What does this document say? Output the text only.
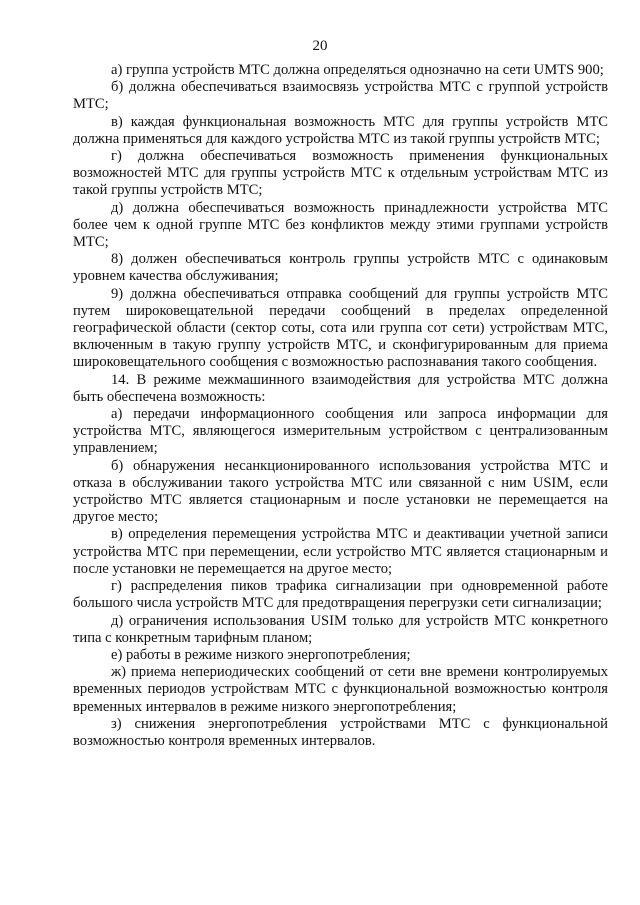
20

а) группа устройств МТС должна определяться однозначно на сети UMTS 900;

б) должна обеспечиваться взаимосвязь устройства МТС с группой устройств МТС;

в) каждая функциональная возможность МТС для группы устройств МТС должна применяться для каждого устройства МТС из такой группы устройств МТС;

г) должна обеспечиваться возможность применения функциональных возможностей МТС для группы устройств МТС к отдельным устройствам МТС из такой группы устройств МТС;

д) должна обеспечиваться возможность принадлежности устройства МТС более чем к одной группе МТС без конфликтов между этими группами устройств МТС;

8) должен обеспечиваться контроль группы устройств МТС с одинаковым уровнем качества обслуживания;

9) должна обеспечиваться отправка сообщений для группы устройств МТС путем широковещательной передачи сообщений в пределах определенной географической области (сектор соты, сота или группа сот сети) устройствам МТС, включенным в такую группу устройств МТС, и сконфигурированным для приема широковещательного сообщения с возможностью распознавания такого сообщения.

14. В режиме межмашинного взаимодействия для устройства МТС должна быть обеспечена возможность:

а) передачи информационного сообщения или запроса информации для устройства МТС, являющегося измерительным устройством с централизованным управлением;

б) обнаружения несанкционированного использования устройства МТС и отказа в обслуживании такого устройства МТС или связанной с ним USIM, если устройство МТС является стационарным и после установки не перемещается на другое место;

в) определения перемещения устройства МТС и деактивации учетной записи устройства МТС при перемещении, если устройство МТС является стационарным и после установки не перемещается на другое место;

г) распределения пиков трафика сигнализации при одновременной работе большого числа устройств МТС для предотвращения перегрузки сети сигнализации;

д) ограничения использования USIM только для устройств МТС конкретного типа с конкретным тарифным планом;

е) работы в режиме низкого энергопотребления;

ж) приема непериодических сообщений от сети вне времени контролируемых временных периодов устройствам МТС с функциональной возможностью контроля временных интервалов в режиме низкого энергопотребления;

з) снижения энергопотребления устройствами МТС с функциональной возможностью контроля временных интервалов.
